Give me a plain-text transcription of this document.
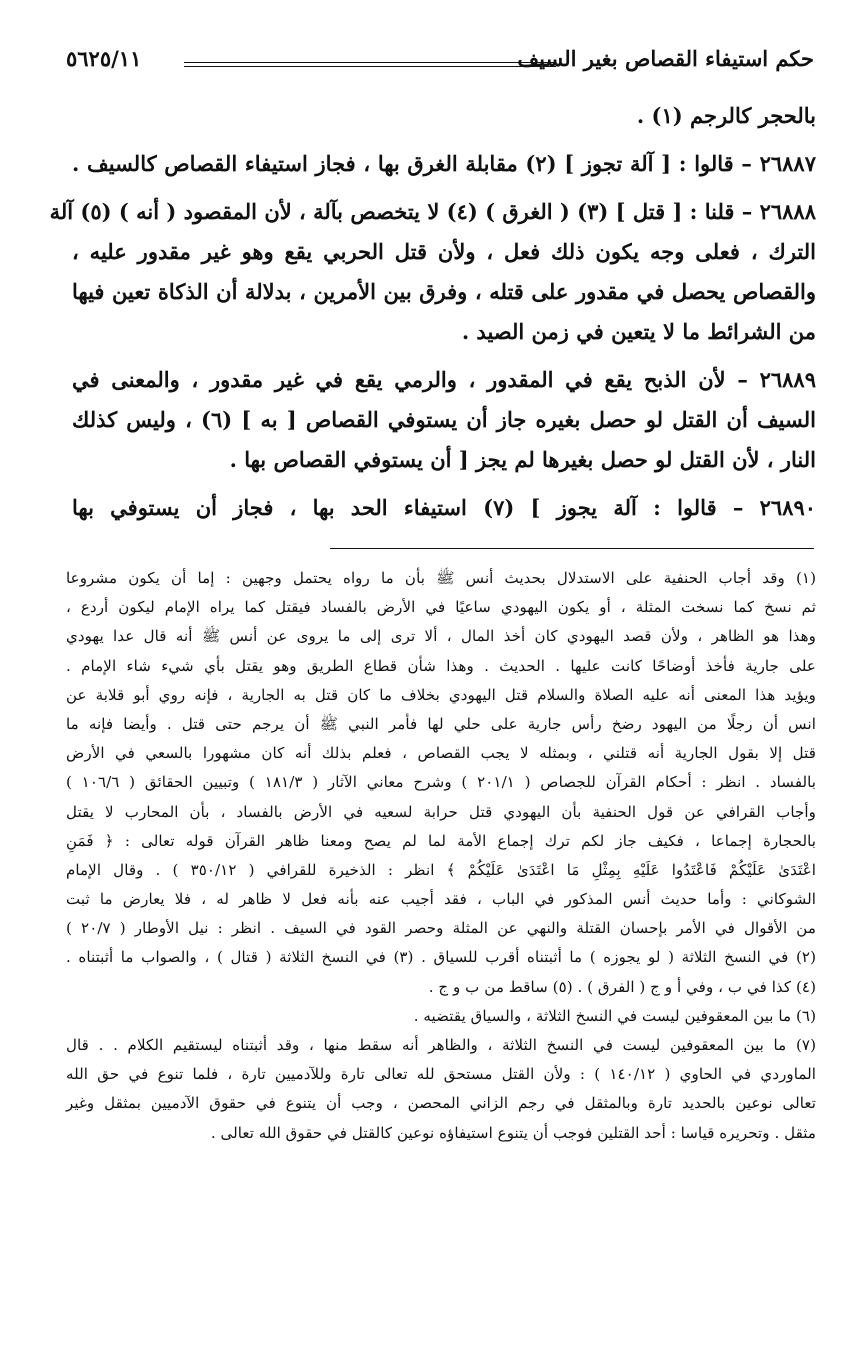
حكم استيفاء القصاص بغير السيف
٥٦٢٥/١١
بالحجر كالرجم (١) .
٢٦٨٨٧ – قالوا : [ آلة تجوز ] (٢) مقابلة الغرق بها ، فجاز استيفاء القصاص كالسيف .
٢٦٨٨٨ – قلنا : [ قتل ] (٣) ( الغرق ) (٤) لا يتخصص بآلة ، لأن المقصود ( أنه ) (٥) آلة
الترك ، فعلى وجه يكون ذلك فعل ، ولأن قتل الحربي يقع وهو غير مقدور عليه ،
والقصاص يحصل في مقدور على قتله ، وفرق بين الأمرين ، بدلالة أن الذكاة تعين فيها
من الشرائط ما لا يتعين في زمن الصيد .
٢٦٨٨٩ – لأن الذبح يقع في المقدور ، والرمي يقع في غير مقدور ، والمعنى في
السيف أن القتل لو حصل بغيره جاز أن يستوفي القصاص [ به ] (٦) ، وليس كذلك
النار ، لأن القتل لو حصل بغيرها لم يجز [ أن يستوفي القصاص بها .
٢٦٨٩٠ – قالوا : آلة يجوز ] (٧) استيفاء الحد بها ، فجاز أن يستوفي بها
(١) وقد أجاب الحنفية على الاستدلال بحديث أنس ﷺ بأن ما رواه يحتمل وجهين : إما أن يكون مشروعا
ثم نسخ كما نسخت المثلة ، أو يكون اليهودي ساعيًا في الأرض بالفساد فيقتل كما يراه الإمام ليكون أردع ،
وهذا هو الظاهر ، ولأن قصد اليهودي كان أخذ المال ، ألا ترى إلى ما يروى عن أنس ﷺ أنه قال عدا يهودي
على جارية فأخذ أوضاحًا كانت عليها . الحديث . وهذا شأن قطاع الطريق وهو يقتل بأي شيء شاء الإمام .
ويؤيد هذا المعنى أنه عليه الصلاة والسلام قتل اليهودي بخلاف ما كان قتل به الجارية ، فإنه روي أبو قلابة عن
انس أن رجلًا من اليهود رضخ رأس جارية على حلي لها فأمر النبي ﷺ أن يرجم حتى قتل . وأيضا فإنه ما
قتل إلا بقول الجارية أنه قتلني ، وبمثله لا يجب القصاص ، فعلم بذلك أنه كان مشهورا بالسعي في الأرض
بالفساد . انظر : أحكام القرآن للجصاص ( ٢٠١/١ ) وشرح معاني الآثار ( ١٨١/٣ ) وتبيين الحقائق ( ١٠٦/٦ )
وأجاب القرافي عن قول الحنفية بأن اليهودي قتل حرابة لسعيه في الأرض بالفساد ، بأن المحارب لا يقتل
بالحجارة إجماعا ، فكيف جاز لكم ترك إجماع الأمة لما لم يصح ومعنا ظاهر القرآن قوله تعالى : ﴿ فَمَنِ
اعْتَدَىٰ عَلَيْكُمْ فَاعْتَدُوا عَلَيْهِ بِمِثْلِ مَا اعْتَدَىٰ عَلَيْكُمْ ﴾ انظر : الذخيرة للقرافي ( ٣٥٠/١٢ ) . وقال الإمام
الشوكاني : وأما حديث أنس المذكور في الباب ، فقد أجيب عنه بأنه فعل لا ظاهر له ، فلا يعارض ما ثبت
من الأقوال في الأمر بإحسان القتلة والنهي عن المثلة وحصر القود في السيف . انظر : نيل الأوطار ( ٢٠/٧ )
(٢) في النسخ الثلاثة ( لو يجوزه ) ما أثبتناه أقرب للسياق . (٣) في النسخ الثلاثة ( قتال ) ، والصواب ما أثبتناه .
(٤) كذا في ب ، وفي أ و ج ( الفرق ) . (٥) ساقط من ب و ج .
(٦) ما بين المعقوفين ليست في النسخ الثلاثة ، والسياق يقتضيه .
(٧) ما بين المعقوفين ليست في النسخ الثلاثة ، والظاهر أنه سقط منها ، وقد أثبتناه ليستقيم الكلام . . قال
الماوردي في الحاوي ( ١٤٠/١٢ ) : ولأن القتل مستحق لله تعالى تارة وللآدميين تارة ، فلما تنوع في حق الله
تعالى نوعين بالحديد تارة وبالمثقل في رجم الزاني المحصن ، وجب أن يتنوع في حقوق الآدميين بمثقل وغير
مثقل . وتحريره قياسا : أحد القتلين فوجب أن يتنوع استيفاؤه نوعين كالقتل في حقوق الله تعالى .
